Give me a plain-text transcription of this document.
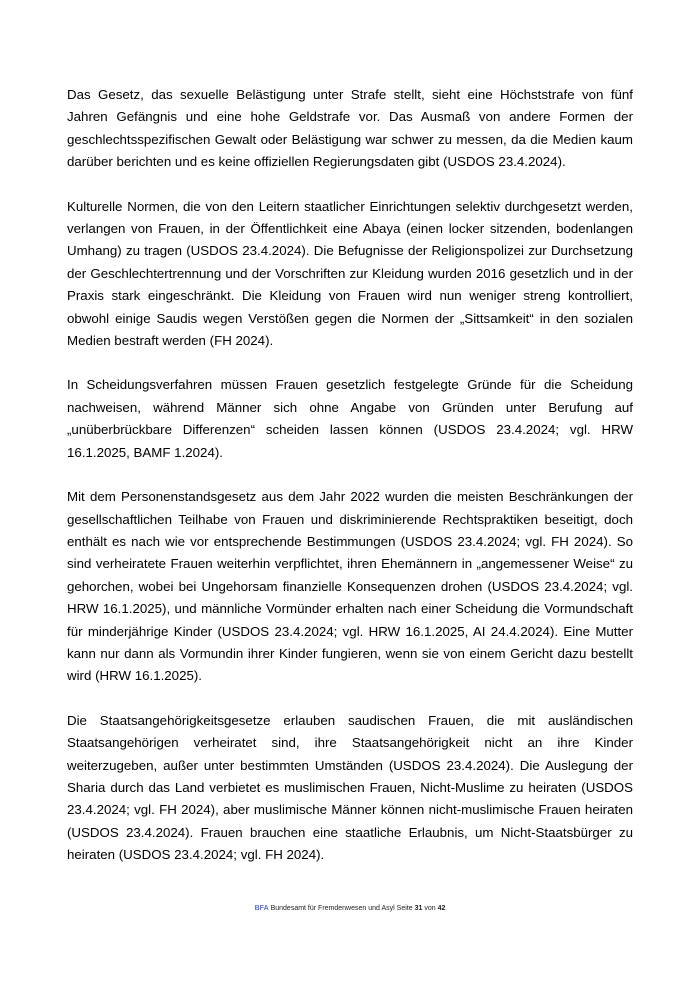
Das Gesetz, das sexuelle Belästigung unter Strafe stellt, sieht eine Höchststrafe von fünf Jahren Gefängnis und eine hohe Geldstrafe vor. Das Ausmaß von andere Formen der geschlechtsspezifischen Gewalt oder Belästigung war schwer zu messen, da die Medien kaum darüber berichten und es keine offiziellen Regierungsdaten gibt (USDOS 23.4.2024).

Kulturelle Normen, die von den Leitern staatlicher Einrichtungen selektiv durchgesetzt werden, verlangen von Frauen, in der Öffentlichkeit eine Abaya (einen locker sitzenden, bodenlangen Umhang) zu tragen (USDOS 23.4.2024). Die Befugnisse der Religionspolizei zur Durchsetzung der Geschlechtertrennung und der Vorschriften zur Kleidung wurden 2016 gesetzlich und in der Praxis stark eingeschränkt. Die Kleidung von Frauen wird nun weniger streng kontrolliert, obwohl einige Saudis wegen Verstößen gegen die Normen der „Sittsamkeit“ in den sozialen Medien bestraft werden (FH 2024).

In Scheidungsverfahren müssen Frauen gesetzlich festgelegte Gründe für die Scheidung nachweisen, während Männer sich ohne Angabe von Gründen unter Berufung auf „unüberbrückbare Differenzen“ scheiden lassen können (USDOS 23.4.2024; vgl. HRW 16.1.2025, BAMF 1.2024).

Mit dem Personenstandsgesetz aus dem Jahr 2022 wurden die meisten Beschränkungen der gesellschaftlichen Teilhabe von Frauen und diskriminierende Rechtspraktiken beseitigt, doch enthält es nach wie vor entsprechende Bestimmungen (USDOS 23.4.2024; vgl. FH 2024). So sind verheiratete Frauen weiterhin verpflichtet, ihren Ehemännern in „angemessener Weise“ zu gehorchen, wobei bei Ungehorsam finanzielle Konsequenzen drohen (USDOS 23.4.2024; vgl. HRW 16.1.2025), und männliche Vormünder erhalten nach einer Scheidung die Vormundschaft für minderjährige Kinder (USDOS 23.4.2024; vgl. HRW 16.1.2025, AI 24.4.2024). Eine Mutter kann nur dann als Vormundin ihrer Kinder fungieren, wenn sie von einem Gericht dazu bestellt wird (HRW 16.1.2025).

Die Staatsangehörigkeitsgesetze erlauben saudischen Frauen, die mit ausländischen Staatsangehörigen verheiratet sind, ihre Staatsangehörigkeit nicht an ihre Kinder weiterzugeben, außer unter bestimmten Umständen (USDOS 23.4.2024). Die Auslegung der Sharia durch das Land verbietet es muslimischen Frauen, Nicht-Muslime zu heiraten (USDOS 23.4.2024; vgl. FH 2024), aber muslimische Männer können nicht-muslimische Frauen heiraten (USDOS 23.4.2024). Frauen brauchen eine staatliche Erlaubnis, um Nicht-Staatsbürger zu heiraten (USDOS 23.4.2024; vgl. FH 2024).

BFA Bundesamt für Fremdenwesen und Asyl Seite 31 von 42
